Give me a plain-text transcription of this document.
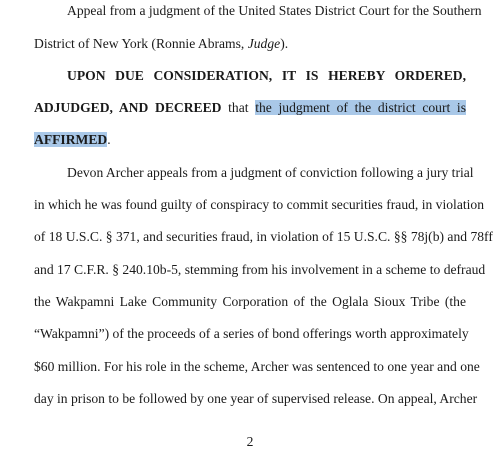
Appeal from a judgment of the United States District Court for the Southern
District of New York (Ronnie Abrams, Judge).
UPON DUE CONSIDERATION, IT IS HEREBY ORDERED,
ADJUDGED, AND DECREED that the judgment of the district court is
AFFIRMED.
Devon Archer appeals from a judgment of conviction following a jury trial
in which he was found guilty of conspiracy to commit securities fraud, in violation
of 18 U.S.C. § 371, and securities fraud, in violation of 15 U.S.C. §§ 78j(b) and 78ff
and 17 C.F.R. § 240.10b-5, stemming from his involvement in a scheme to defraud
the Wakpamni Lake Community Corporation of the Oglala Sioux Tribe (the
“Wakpamni”) of the proceeds of a series of bond offerings worth approximately
$60 million. For his role in the scheme, Archer was sentenced to one year and one
day in prison to be followed by one year of supervised release. On appeal, Archer
2
